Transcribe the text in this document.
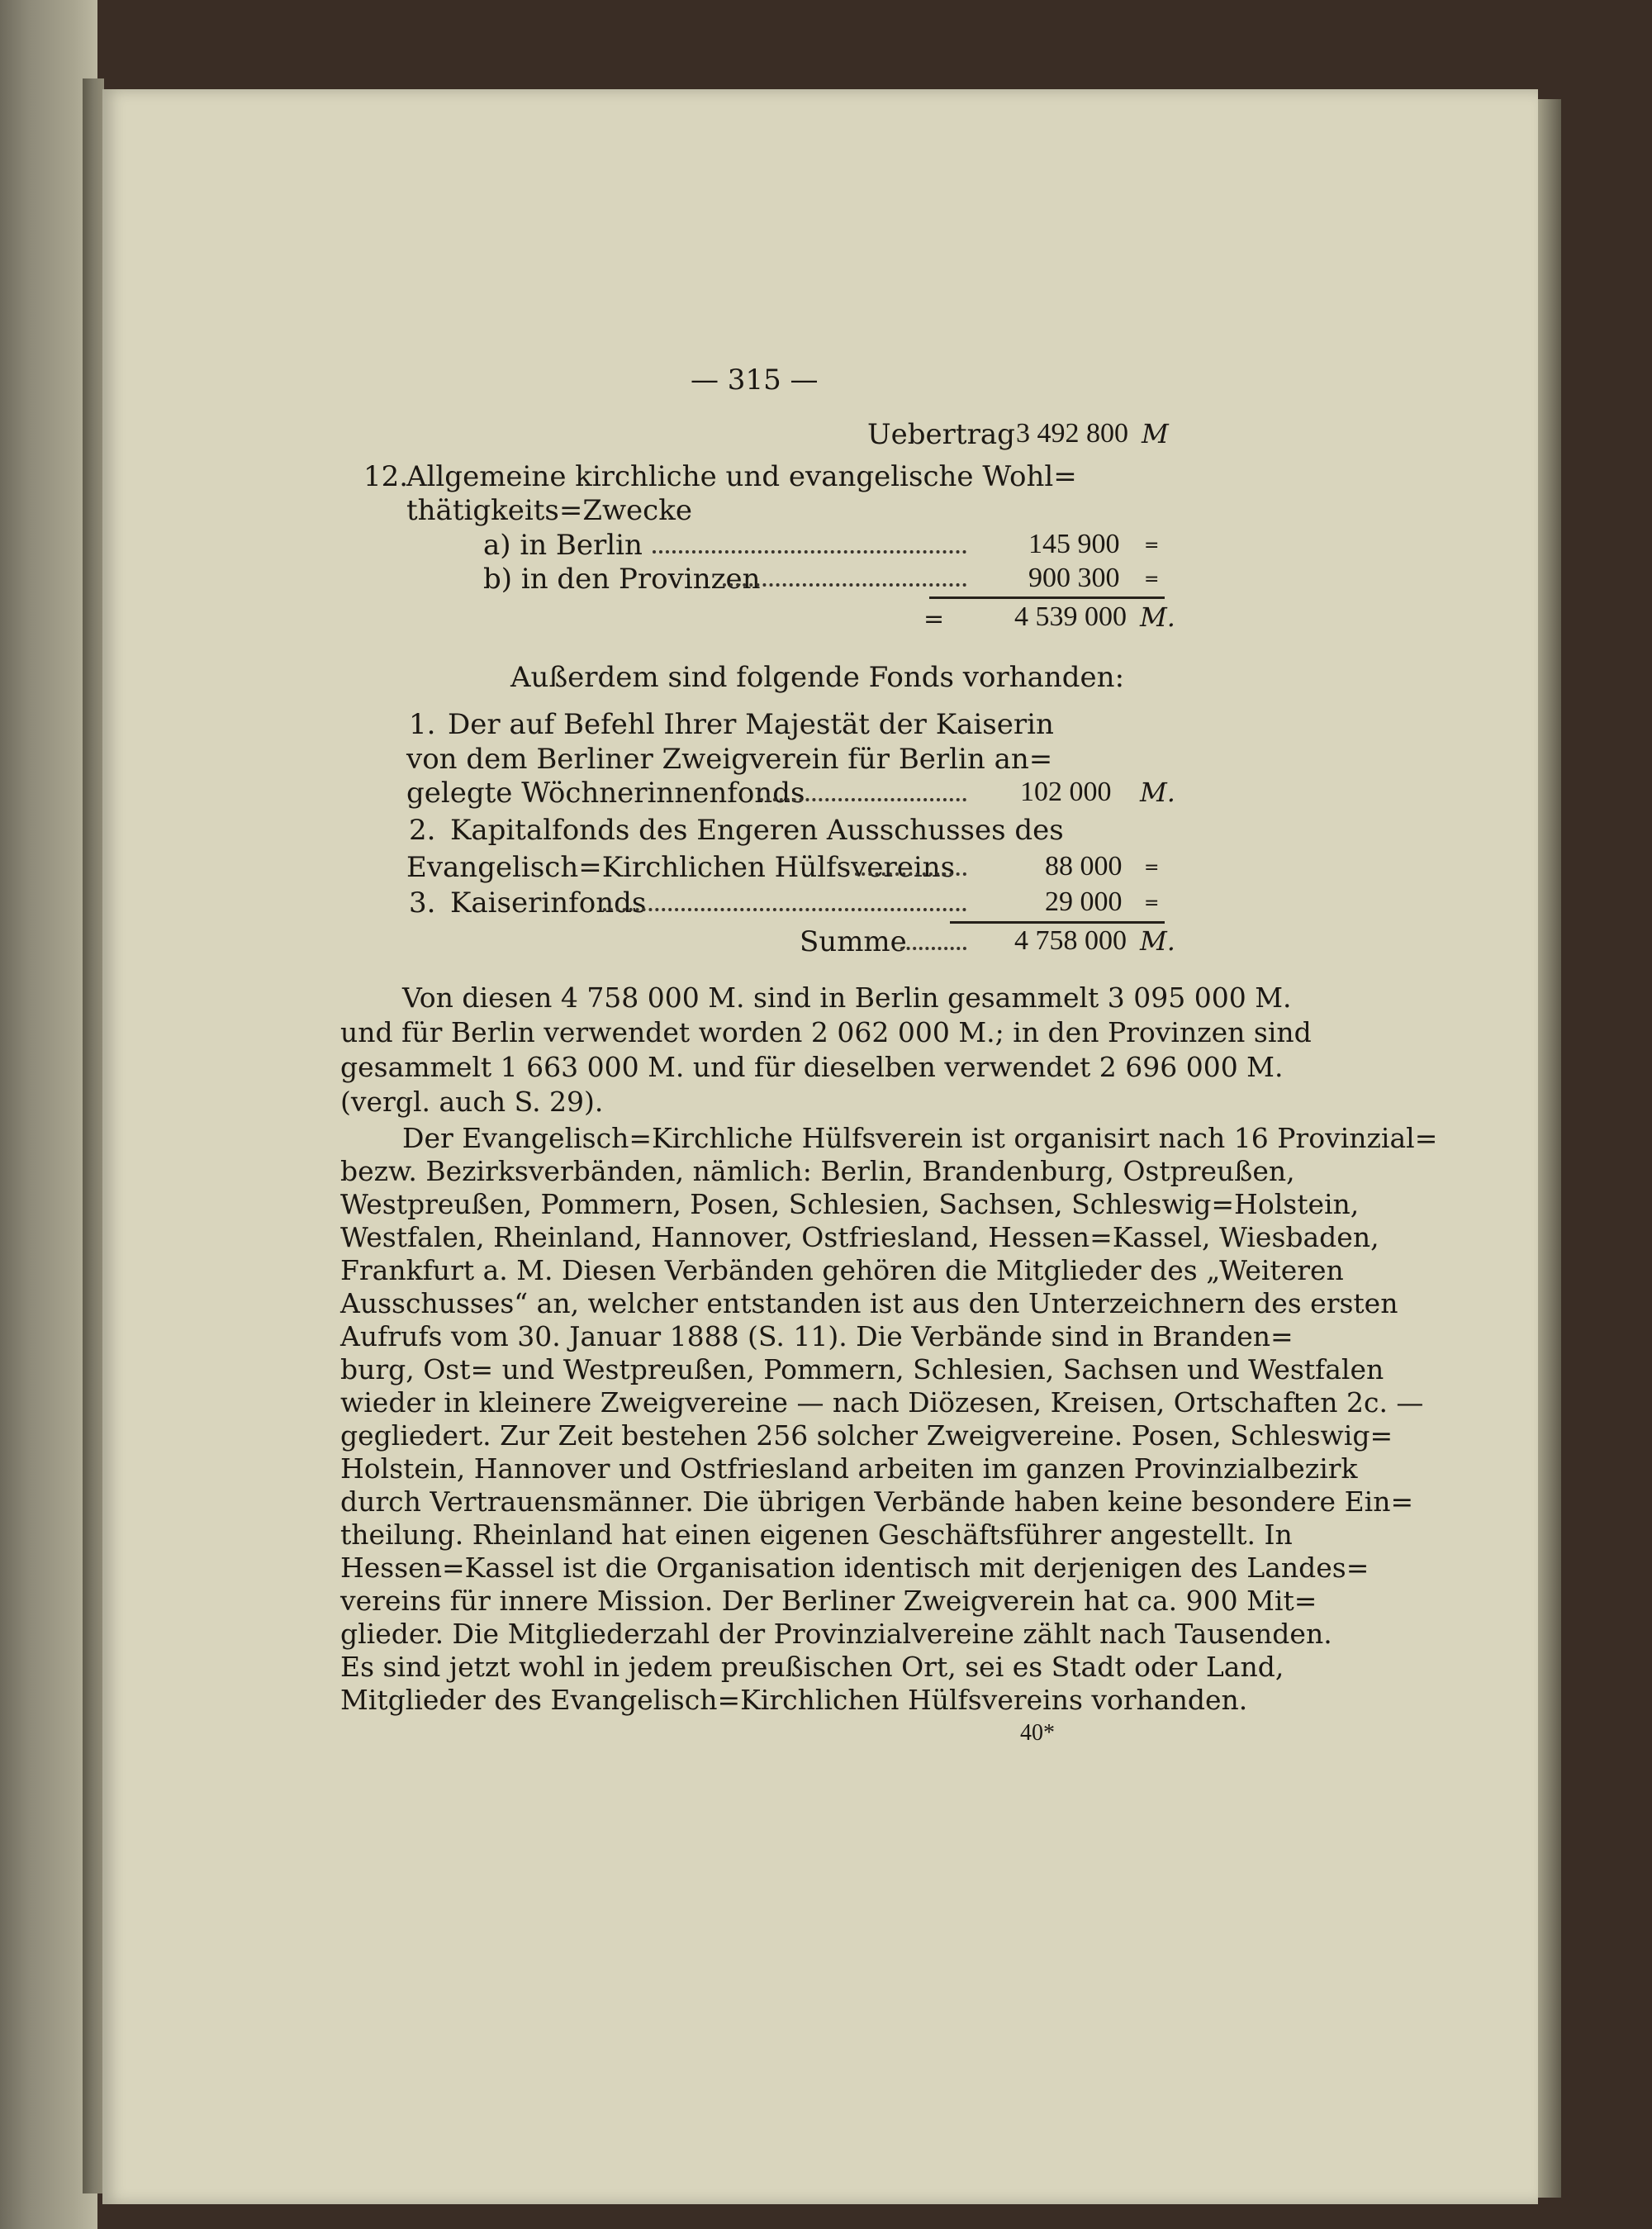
— 315 —
Uebertrag 3 492 800 M
12.
Allgemeine kirchliche und evangelische Wohl=
thätigkeits=Zwecke
a) in Berlin	145 900 =
b) in den Provinzen	900 300 =
= 4 539 000 M.
Außerdem sind folgende Fonds vorhanden:
1. Der auf Befehl Ihrer Majestät der Kaiserin
von dem Berliner Zweigverein für Berlin an=
gelegte Wöchnerinnenfonds	102 000 M.
2. Kapitalfonds des Engeren Ausschusses des
Evangelisch=Kirchlichen Hülfsvereins	88 000 =
3. Kaiserinfonds	29 000 =
Summe	4 758 000 M.
Von diesen 4 758 000 M. sind in Berlin gesammelt 3 095 000 M.
und für Berlin verwendet worden 2 062 000 M.; in den Provinzen sind
gesammelt 1 663 000 M. und für dieselben verwendet 2 696 000 M.
(vergl. auch S. 29).
Der Evangelisch=Kirchliche Hülfsverein ist organisirt nach 16 Provinzial=
bezw. Bezirksverbänden, nämlich: Berlin, Brandenburg, Ostpreußen,
Westpreußen, Pommern, Posen, Schlesien, Sachsen, Schleswig=Holstein,
Westfalen, Rheinland, Hannover, Ostfriesland, Hessen=Kassel, Wiesbaden,
Frankfurt a. M. Diesen Verbänden gehören die Mitglieder des „Weiteren
Ausschusses“ an, welcher entstanden ist aus den Unterzeichnern des ersten
Aufrufs vom 30. Januar 1888 (S. 11). Die Verbände sind in Branden=
burg, Ost= und Westpreußen, Pommern, Schlesien, Sachsen und Westfalen
wieder in kleinere Zweigvereine — nach Diözesen, Kreisen, Ortschaften 2c. —
gegliedert. Zur Zeit bestehen 256 solcher Zweigvereine. Posen, Schleswig=
Holstein, Hannover und Ostfriesland arbeiten im ganzen Provinzialbezirk
durch Vertrauensmänner. Die übrigen Verbände haben keine besondere Ein=
theilung. Rheinland hat einen eigenen Geschäftsführer angestellt. In
Hessen=Kassel ist die Organisation identisch mit derjenigen des Landes=
vereins für innere Mission. Der Berliner Zweigverein hat ca. 900 Mit=
glieder. Die Mitgliederzahl der Provinzialvereine zählt nach Tausenden.
Es sind jetzt wohl in jedem preußischen Ort, sei es Stadt oder Land,
Mitglieder des Evangelisch=Kirchlichen Hülfsvereins vorhanden.
40*
